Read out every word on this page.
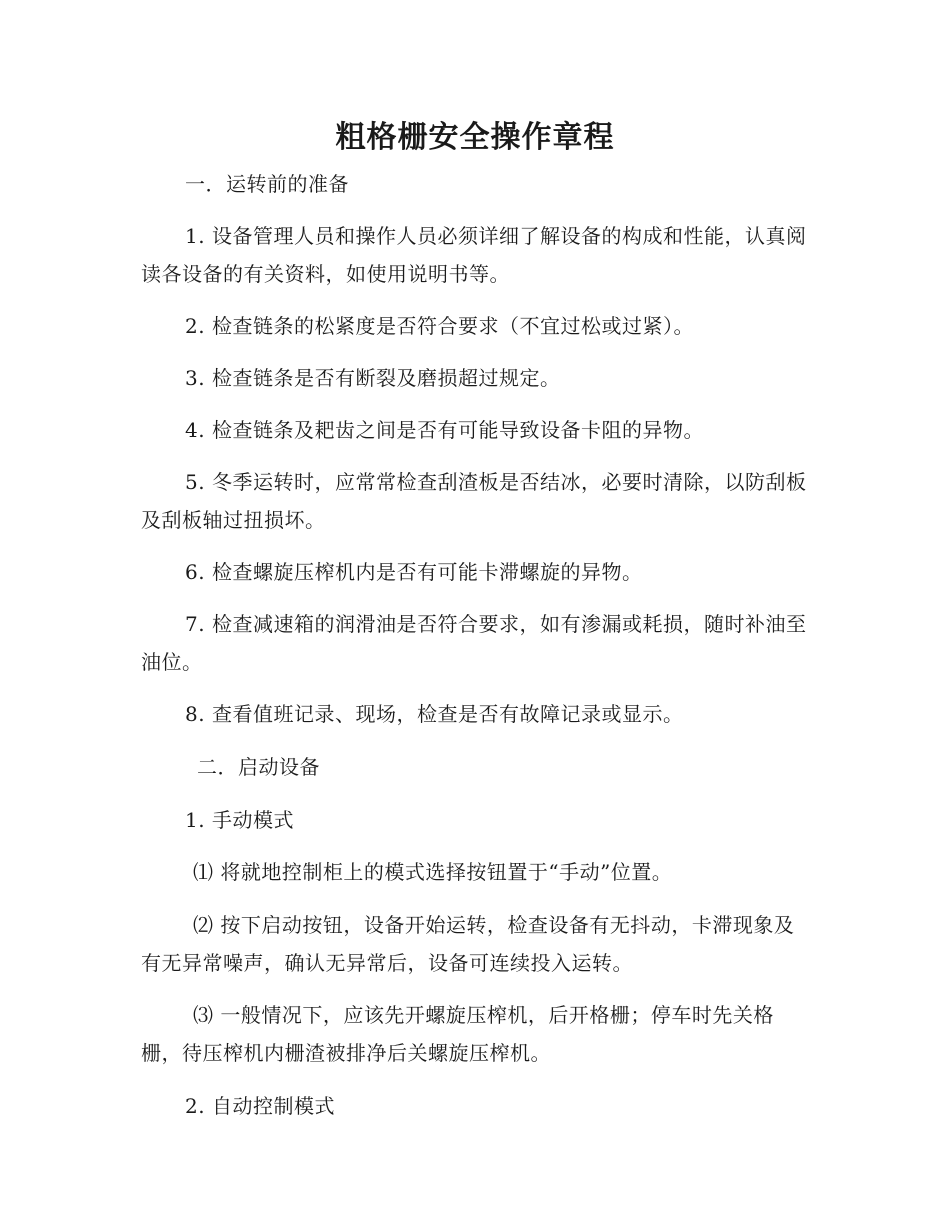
粗格栅安全操作章程

一．运转前的准备

1. 设备管理人员和操作人员必须详细了解设备的构成和性能，认真阅读各设备的有关资料，如使用说明书等。

2. 检查链条的松紧度是否符合要求（不宜过松或过紧）。

3. 检查链条是否有断裂及磨损超过规定。

4. 检查链条及耙齿之间是否有可能导致设备卡阻的异物。

5. 冬季运转时，应常常检查刮渣板是否结冰，必要时清除，以防刮板及刮板轴过扭损坏。

6. 检查螺旋压榨机内是否有可能卡滞螺旋的异物。

7. 检查减速箱的润滑油是否符合要求，如有渗漏或耗损，随时补油至油位。

8. 查看值班记录、现场，检查是否有故障记录或显示。

二．启动设备

1. 手动模式

⑴ 将就地控制柜上的模式选择按钮置于“手动”位置。

⑵ 按下启动按钮，设备开始运转，检查设备有无抖动，卡滞现象及有无异常噪声，确认无异常后，设备可连续投入运转。

⑶ 一般情况下，应该先开螺旋压榨机，后开格栅；停车时先关格栅，待压榨机内栅渣被排净后关螺旋压榨机。

2. 自动控制模式
